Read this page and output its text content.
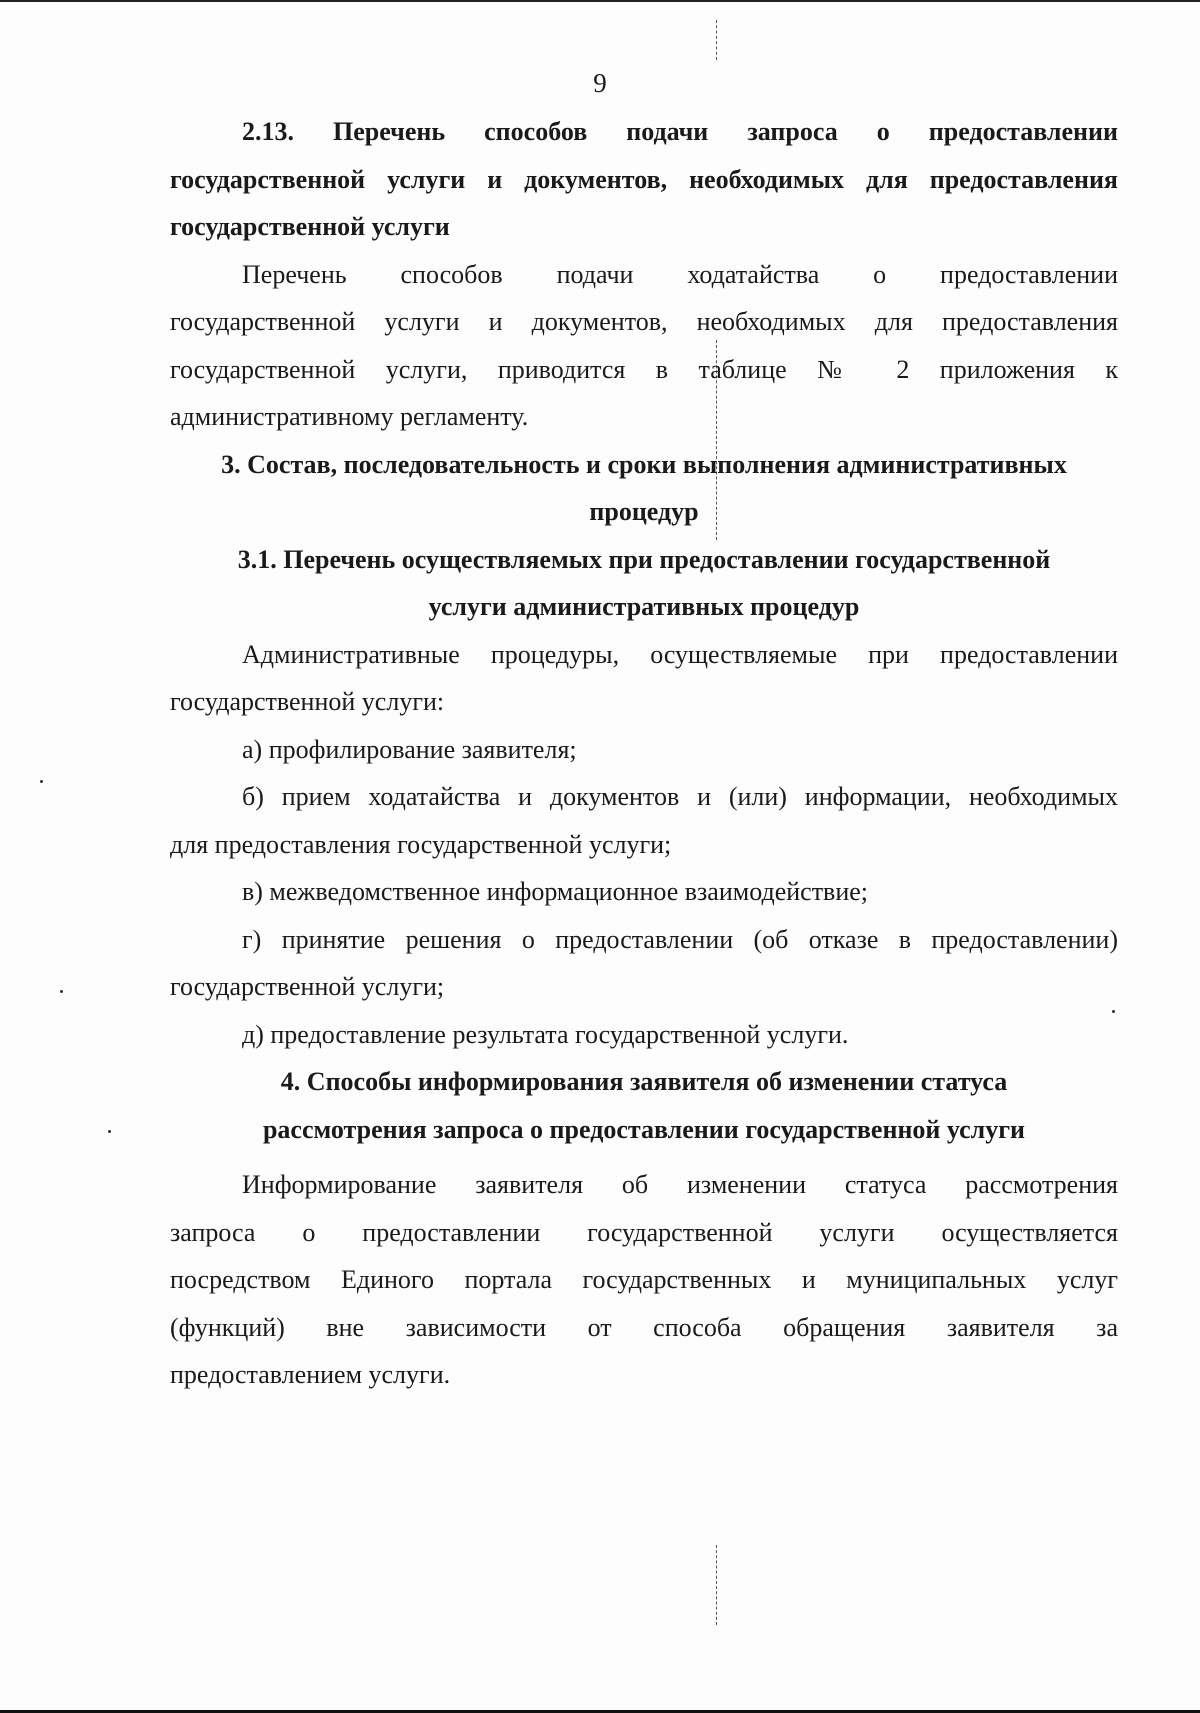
9

2.13. Перечень способов подачи запроса о предоставлении

государственной услуги и документов, необходимых для предоставления

государственной услуги

Перечень способов подачи ходатайства о предоставлении

государственной услуги и документов, необходимых для предоставления

государственной услуги, приводится в таблице № 2 приложения к

административному регламенту.

3. Состав, последовательность и сроки выполнения административных

процедур

3.1. Перечень осуществляемых при предоставлении государственной

услуги административных процедур

Административные процедуры, осуществляемые при предоставлении

государственной услуги:

а) профилирование заявителя;

б) прием ходатайства и документов и (или) информации, необходимых

для предоставления государственной услуги;

в) межведомственное информационное взаимодействие;

г) принятие решения о предоставлении (об отказе в предоставлении)

государственной услуги;

д) предоставление результата государственной услуги.

4. Способы информирования заявителя об изменении статуса

рассмотрения запроса о предоставлении государственной услуги

Информирование заявителя об изменении статуса рассмотрения

запроса о предоставлении государственной услуги осуществляется

посредством Единого портала государственных и муниципальных услуг

(функций) вне зависимости от способа обращения заявителя за

предоставлением услуги.
